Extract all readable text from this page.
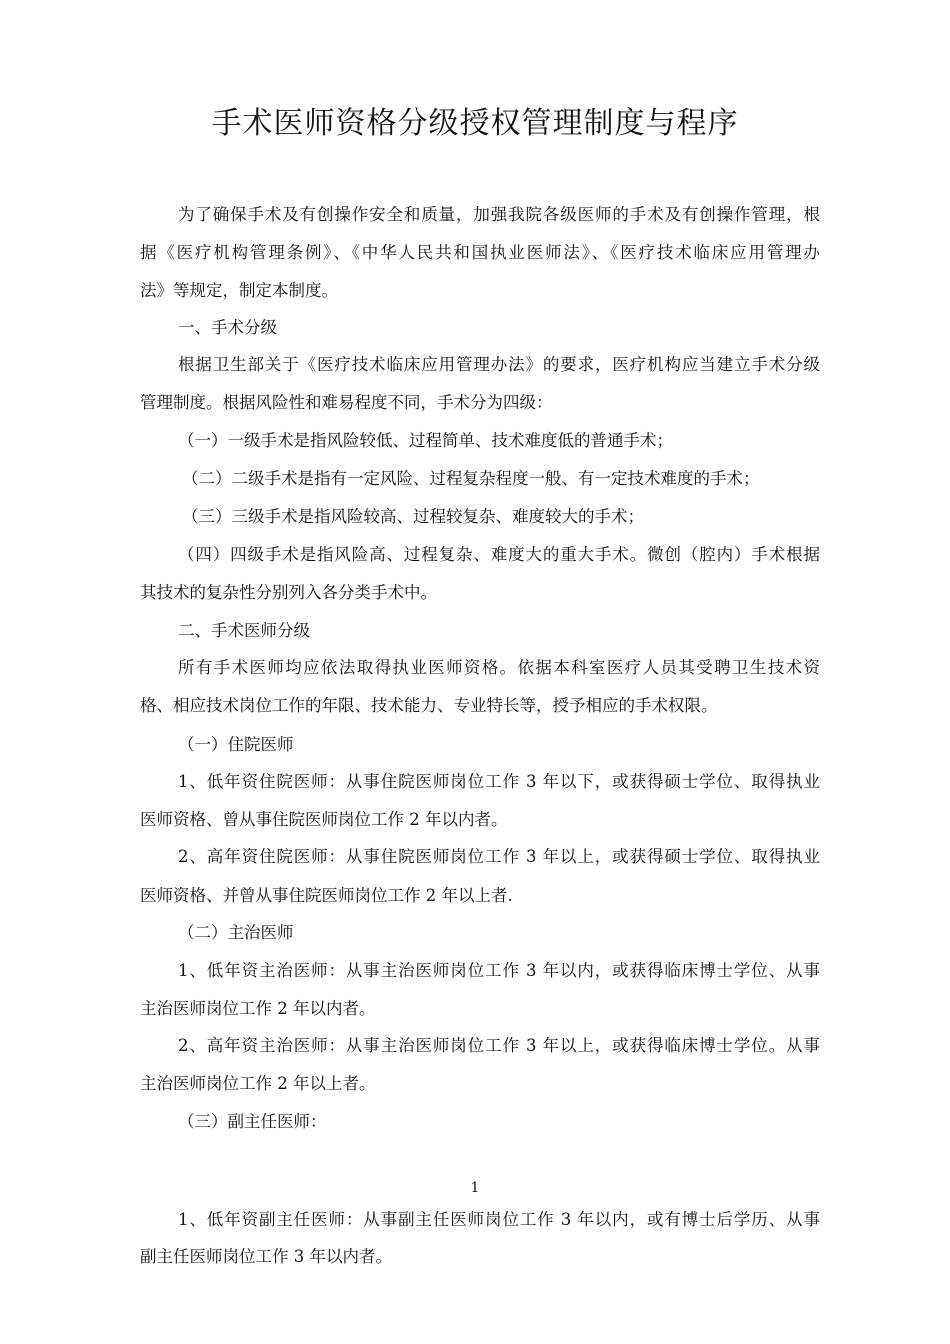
手术医师资格分级授权管理制度与程序
为了确保手术及有创操作安全和质量，加强我院各级医师的手术及有创操作管理，根
据《医疗机构管理条例》、《中华人民共和国执业医师法》、《医疗技术临床应用管理办
法》等规定，制定本制度。
一、手术分级
根据卫生部关于《医疗技术临床应用管理办法》的要求，医疗机构应当建立手术分级
管理制度。根据风险性和难易程度不同，手术分为四级：
（一）一级手术是指风险较低、过程简单、技术难度低的普通手术；
（二）二级手术是指有一定风险、过程复杂程度一般、有一定技术难度的手术；
（三）三级手术是指风险较高、过程较复杂、难度较大的手术；
（四）四级手术是指风险高、过程复杂、难度大的重大手术。微创（腔内）手术根据
其技术的复杂性分别列入各分类手术中。
二、手术医师分级
所有手术医师均应依法取得执业医师资格。依据本科室医疗人员其受聘卫生技术资
格、相应技术岗位工作的年限、技术能力、专业特长等，授予相应的手术权限。
（一）住院医师
1、低年资住院医师：从事住院医师岗位工作 3 年以下，或获得硕士学位、取得执业
医师资格、曾从事住院医师岗位工作 2 年以内者。
2、高年资住院医师：从事住院医师岗位工作 3 年以上，或获得硕士学位、取得执业
医师资格、并曾从事住院医师岗位工作 2 年以上者.
（二）主治医师
1、低年资主治医师：从事主治医师岗位工作 3 年以内，或获得临床博士学位、从事
主治医师岗位工作 2 年以内者。
2、高年资主治医师：从事主治医师岗位工作 3 年以上，或获得临床博士学位。从事
主治医师岗位工作 2 年以上者。
（三）副主任医师：
1
1、低年资副主任医师：从事副主任医师岗位工作 3 年以内，或有博士后学历、从事
副主任医师岗位工作 3 年以内者。
